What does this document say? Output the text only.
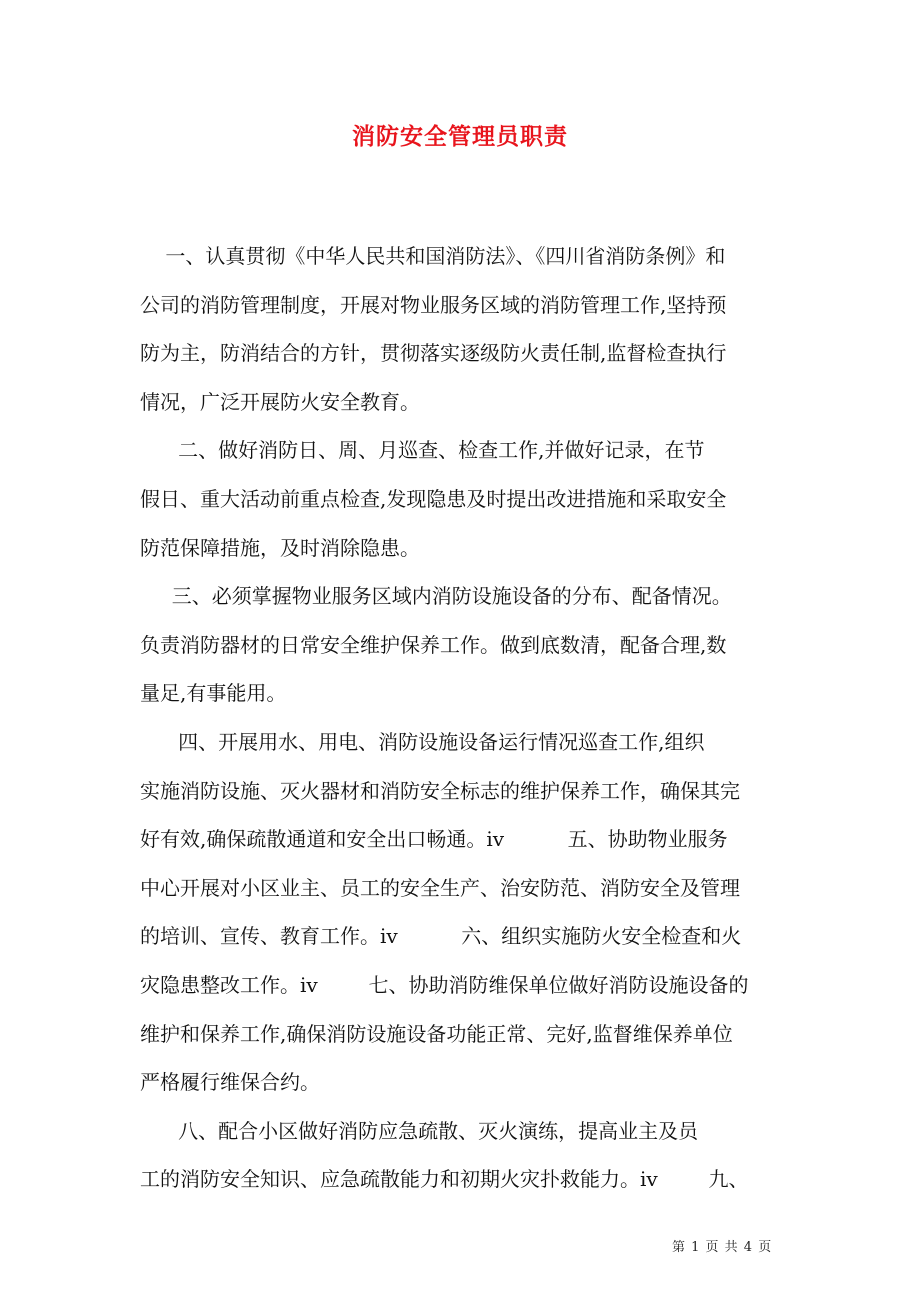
消防安全管理员职责
一、认真贯彻《中华人民共和国消防法》、《四川省消防条例》和
公司的消防管理制度，开展对物业服务区域的消防管理工作,坚持预
防为主，防消结合的方针，贯彻落实逐级防火责任制,监督检查执行
情况，广泛开展防火安全教育。
二、做好消防日、周、月巡查、检查工作,并做好记录，在节
假日、重大活动前重点检查,发现隐患及时提出改进措施和采取安全
防范保障措施，及时消除隐患。
三、必须掌握物业服务区域内消防设施设备的分布、配备情况。
负责消防器材的日常安全维护保养工作。做到底数清，配备合理,数
量足,有事能用。
四、开展用水、用电、消防设施设备运行情况巡查工作,组织
实施消防设施、灭火器材和消防安全标志的维护保养工作，确保其完
好有效,确保疏散通道和安全出口畅通。ⅳ          五、协助物业服务
中心开展对小区业主、员工的安全生产、治安防范、消防安全及管理
的培训、宣传、教育工作。ⅳ          六、组织实施防火安全检查和火
灾隐患整改工作。ⅳ        七、协助消防维保单位做好消防设施设备的
维护和保养工作,确保消防设施设备功能正常、完好,监督维保养单位
严格履行维保合约。
八、配合小区做好消防应急疏散、灭火演练，提高业主及员
工的消防安全知识、应急疏散能力和初期火灾扑救能力。ⅳ        九、
第 1 页 共 4 页
